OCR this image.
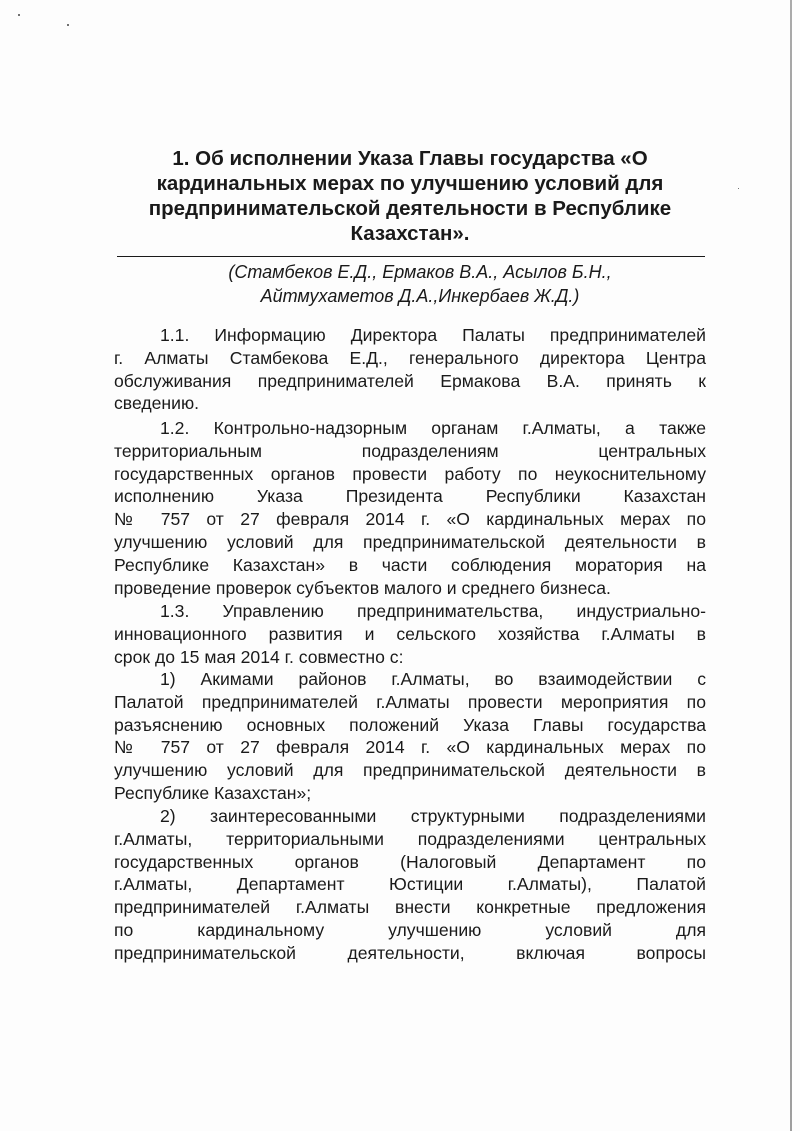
1. Об исполнении Указа Главы государства «О
кардинальных мерах по улучшению условий для
предпринимательской деятельности в Республике
Казахстан».
(Стамбеков Е.Д., Ермаков В.А., Асылов Б.Н.,
Айтмухаметов Д.А.,Инкербаев Ж.Д.)
1.1. Информацию Директора Палаты предпринимателей
г. Алматы Стамбекова Е.Д., генерального директора Центра
обслуживания предпринимателей Ермакова В.А. принять к
сведению.
1.2. Контрольно-надзорным органам г.Алматы, а также
территориальным подразделениям центральных
государственных органов провести работу по неукоснительному
исполнению Указа Президента Республики Казахстан
№ 757 от 27 февраля 2014 г. «О кардинальных мерах по
улучшению условий для предпринимательской деятельности в
Республике Казахстан» в части соблюдения моратория на
проведение проверок субъектов малого и среднего бизнеса.
1.3. Управлению предпринимательства, индустриально-
инновационного развития и сельского хозяйства г.Алматы в
срок до 15 мая 2014 г. совместно с:
1) Акимами районов г.Алматы, во взаимодействии с
Палатой предпринимателей г.Алматы провести мероприятия по
разъяснению основных положений Указа Главы государства
№ 757 от 27 февраля 2014 г. «О кардинальных мерах по
улучшению условий для предпринимательской деятельности в
Республике Казахстан»;
2) заинтересованными структурными подразделениями
г.Алматы, территориальными подразделениями центральных
государственных органов (Налоговый Департамент по
г.Алматы, Департамент Юстиции г.Алматы), Палатой
предпринимателей г.Алматы внести конкретные предложения
по кардинальному улучшению условий для
предпринимательской деятельности, включая вопросы
